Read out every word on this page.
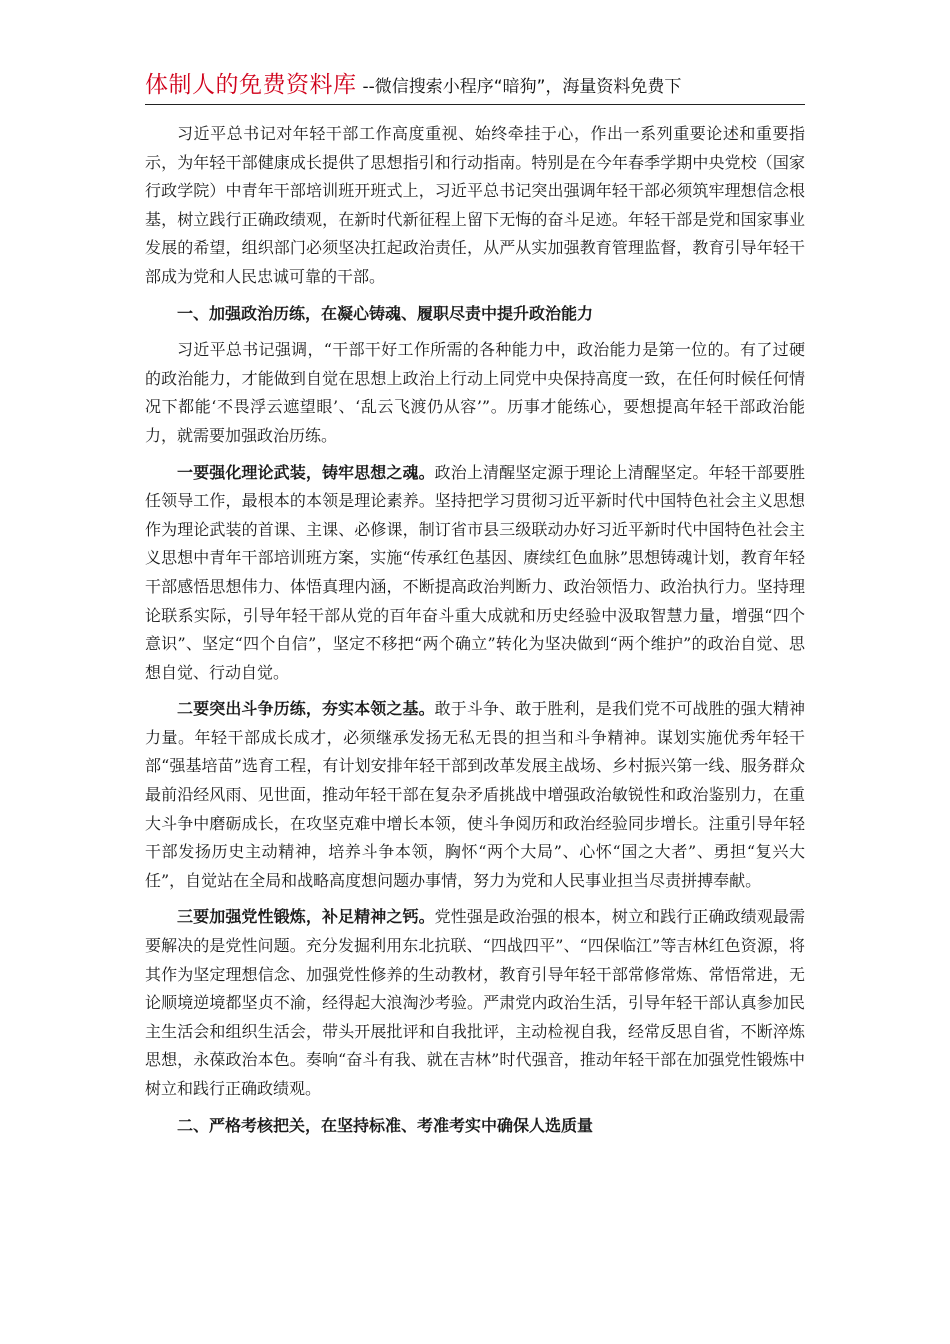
体制人的免费资料库 --微信搜索小程序“暗狗”，海量资料免费下

习近平总书记对年轻干部工作高度重视、始终牵挂于心，作出一系列重要论述和重要指示，为年轻干部健康成长提供了思想指引和行动指南。特别是在今年春季学期中央党校（国家行政学院）中青年干部培训班开班式上，习近平总书记突出强调年轻干部必须筑牢理想信念根基，树立践行正确政绩观，在新时代新征程上留下无悔的奋斗足迹。年轻干部是党和国家事业发展的希望，组织部门必须坚决扛起政治责任，从严从实加强教育管理监督，教育引导年轻干部成为党和人民忠诚可靠的干部。

一、加强政治历练，在凝心铸魂、履职尽责中提升政治能力

习近平总书记强调，“干部干好工作所需的各种能力中，政治能力是第一位的。有了过硬的政治能力，才能做到自觉在思想上政治上行动上同党中央保持高度一致，在任何时候任何情况下都能‘不畏浮云遮望眼’、‘乱云飞渡仍从容’”。历事才能练心，要想提高年轻干部政治能力，就需要加强政治历练。

一要强化理论武装，铸牢思想之魂。政治上清醒坚定源于理论上清醒坚定。年轻干部要胜任领导工作，最根本的本领是理论素养。坚持把学习贯彻习近平新时代中国特色社会主义思想作为理论武装的首课、主课、必修课，制订省市县三级联动办好习近平新时代中国特色社会主义思想中青年干部培训班方案，实施“传承红色基因、赓续红色血脉”思想铸魂计划，教育年轻干部感悟思想伟力、体悟真理内涵，不断提高政治判断力、政治领悟力、政治执行力。坚持理论联系实际，引导年轻干部从党的百年奋斗重大成就和历史经验中汲取智慧力量，增强“四个意识”、坚定“四个自信”，坚定不移把“两个确立”转化为坚决做到“两个维护”的政治自觉、思想自觉、行动自觉。

二要突出斗争历练，夯实本领之基。敢于斗争、敢于胜利，是我们党不可战胜的强大精神力量。年轻干部成长成才，必须继承发扬无私无畏的担当和斗争精神。谋划实施优秀年轻干部“强基培苗”选育工程，有计划安排年轻干部到改革发展主战场、乡村振兴第一线、服务群众最前沿经风雨、见世面，推动年轻干部在复杂矛盾挑战中增强政治敏锐性和政治鉴别力，在重大斗争中磨砺成长，在攻坚克难中增长本领，使斗争阅历和政治经验同步增长。注重引导年轻干部发扬历史主动精神，培养斗争本领，胸怀“两个大局”、心怀“国之大者”、勇担“复兴大任”，自觉站在全局和战略高度想问题办事情，努力为党和人民事业担当尽责拼搏奉献。

三要加强党性锻炼，补足精神之钙。党性强是政治强的根本，树立和践行正确政绩观最需要解决的是党性问题。充分发掘利用东北抗联、“四战四平”、“四保临江”等吉林红色资源，将其作为坚定理想信念、加强党性修养的生动教材，教育引导年轻干部常修常炼、常悟常进，无论顺境逆境都坚贞不渝，经得起大浪淘沙考验。严肃党内政治生活，引导年轻干部认真参加民主生活会和组织生活会，带头开展批评和自我批评，主动检视自我，经常反思自省，不断淬炼思想，永葆政治本色。奏响“奋斗有我、就在吉林”时代强音，推动年轻干部在加强党性锻炼中树立和践行正确政绩观。

二、严格考核把关，在坚持标准、考准考实中确保人选质量
